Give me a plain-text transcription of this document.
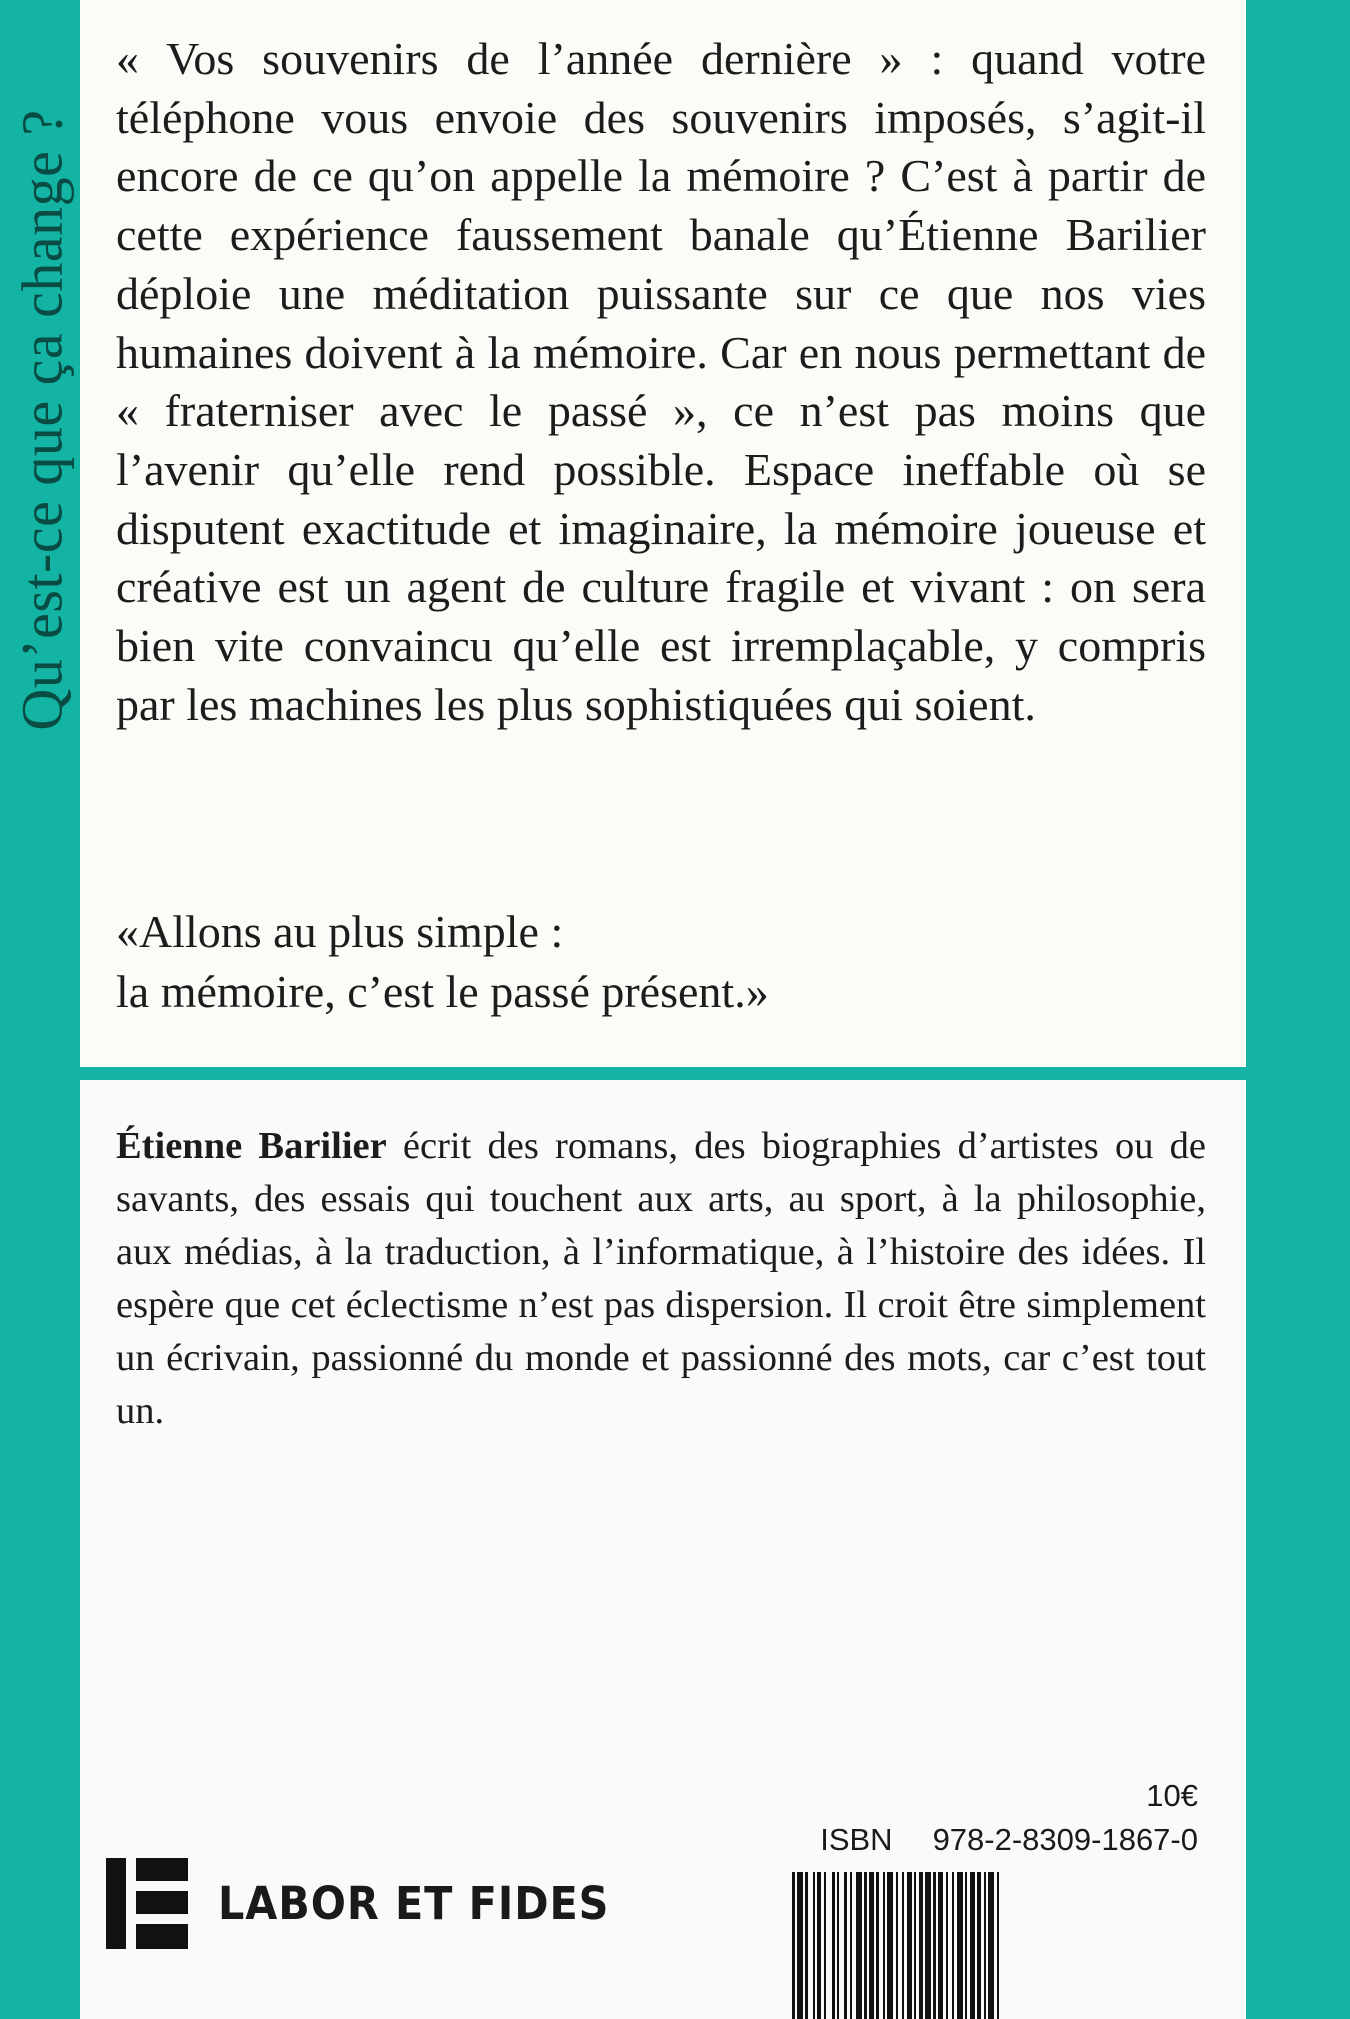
Qu’est-ce que ça change ?

« Vos souvenirs de l’année dernière » : quand votre téléphone vous envoie des souvenirs imposés, s’agit-il encore de ce qu’on appelle la mémoire ? C’est à partir de cette expérience faussement banale qu’Étienne Barilier déploie une méditation puissante sur ce que nos vies humaines doivent à la mémoire. Car en nous permettant de « fraterniser avec le passé », ce n’est pas moins que l’avenir qu’elle rend possible. Espace ineffable où se disputent exactitude et imaginaire, la mémoire joueuse et créative est un agent de culture fragile et vivant : on sera bien vite convaincu qu’elle est irremplaçable, y compris par les machines les plus sophistiquées qui soient.

«Allons au plus simple :
la mémoire, c’est le passé présent.»

Étienne Barilier écrit des romans, des biographies d’artistes ou de savants, des essais qui touchent aux arts, au sport, à la philosophie, aux médias, à la traduction, à l’informatique, à l’histoire des idées. Il espère que cet éclectisme n’est pas dispersion. Il croit être simplement un écrivain, passionné du monde et passionné des mots, car c’est tout un.

LABOR ET FIDES
10€
ISBN 978-2-8309-1867-0
